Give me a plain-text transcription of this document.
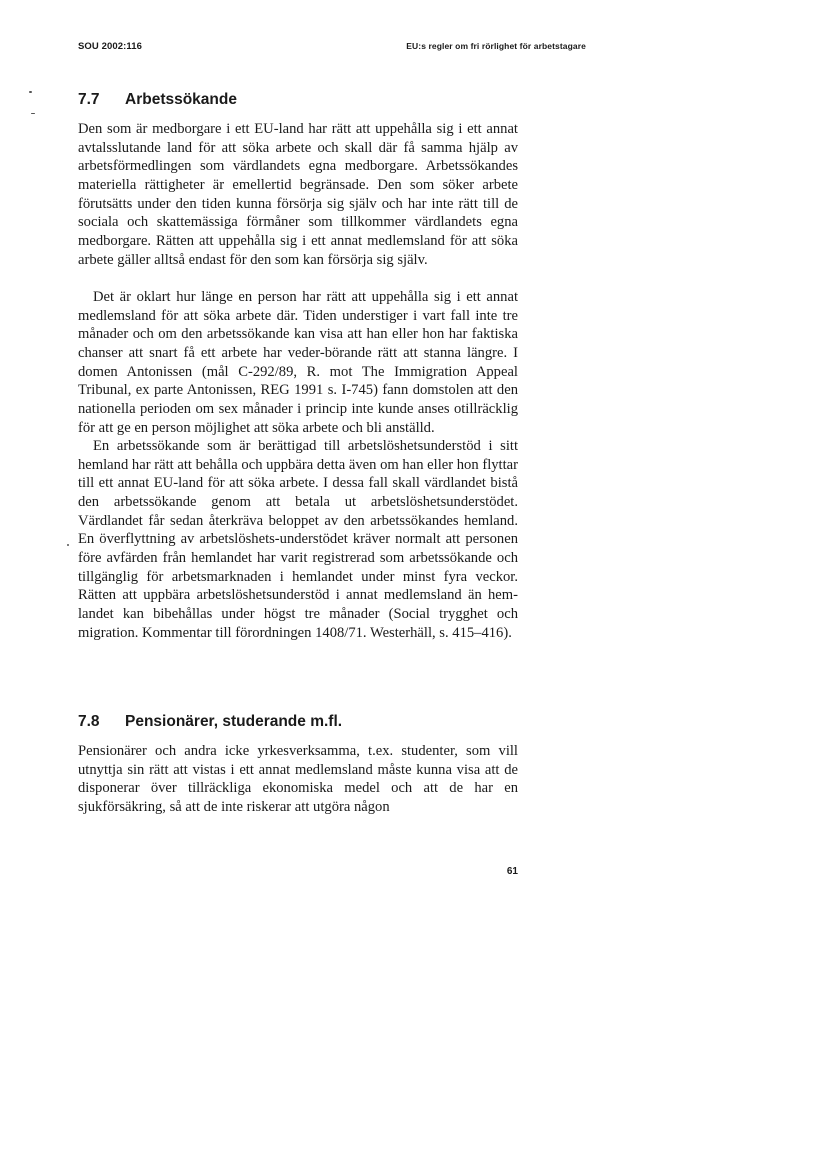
SOU 2002:116	EU:s regler om fri rörlighet för arbetstagare
7.7 Arbetssökande

Den som är medborgare i ett EU-land har rätt att uppehålla sig i ett annat avtalsslutande land för att söka arbete och skall där få samma hjälp av arbetsförmedlingen som värdlandets egna medborgare. Arbetssökandes materiella rättigheter är emellertid begränsade. Den som söker arbete förutsätts under den tiden kunna försörja sig själv och har inte rätt till de sociala och skattemässiga förmåner som tillkommer värdlandets egna medborgare. Rätten att uppehålla sig i ett annat medlemsland för att söka arbete gäller alltså endast för den som kan försörja sig själv.

Det är oklart hur länge en person har rätt att uppehålla sig i ett annat medlemsland för att söka arbete där. Tiden understiger i vart fall inte tre månader och om den arbetssökande kan visa att han eller hon har faktiska chanser att snart få ett arbete har veder-börande rätt att stanna längre. I domen Antonissen (mål C-292/89, R. mot The Immigration Appeal Tribunal, ex parte Antonissen, REG 1991 s. I-745) fann domstolen att den nationella perioden om sex månader i princip inte kunde anses otillräcklig för att ge en person möjlighet att söka arbete och bli anställd.

En arbetssökande som är berättigad till arbetslöshetsunderstöd i sitt hemland har rätt att behålla och uppbära detta även om han eller hon flyttar till ett annat EU-land för att söka arbete. I dessa fall skall värdlandet bistå den arbetssökande genom att betala ut arbetslöshetsunderstödet. Värdlandet får sedan återkräva beloppet av den arbetssökandes hemland. En överflyttning av arbetslöshets-understödet kräver normalt att personen före avfärden från hemlandet har varit registrerad som arbetssökande och tillgänglig för arbetsmarknaden i hemlandet under minst fyra veckor. Rätten att uppbära arbetslöshetsunderstöd i annat medlemsland än hem-landet kan bibehållas under högst tre månader (Social trygghet och migration. Kommentar till förordningen 1408/71. Westerhäll, s. 415–416).

7.8 Pensionärer, studerande m.fl.

Pensionärer och andra icke yrkesverksamma, t.ex. studenter, som vill utnyttja sin rätt att vistas i ett annat medlemsland måste kunna visa att de disponerar över tillräckliga ekonomiska medel och att de har en sjukförsäkring, så att de inte riskerar att utgöra någon

61
